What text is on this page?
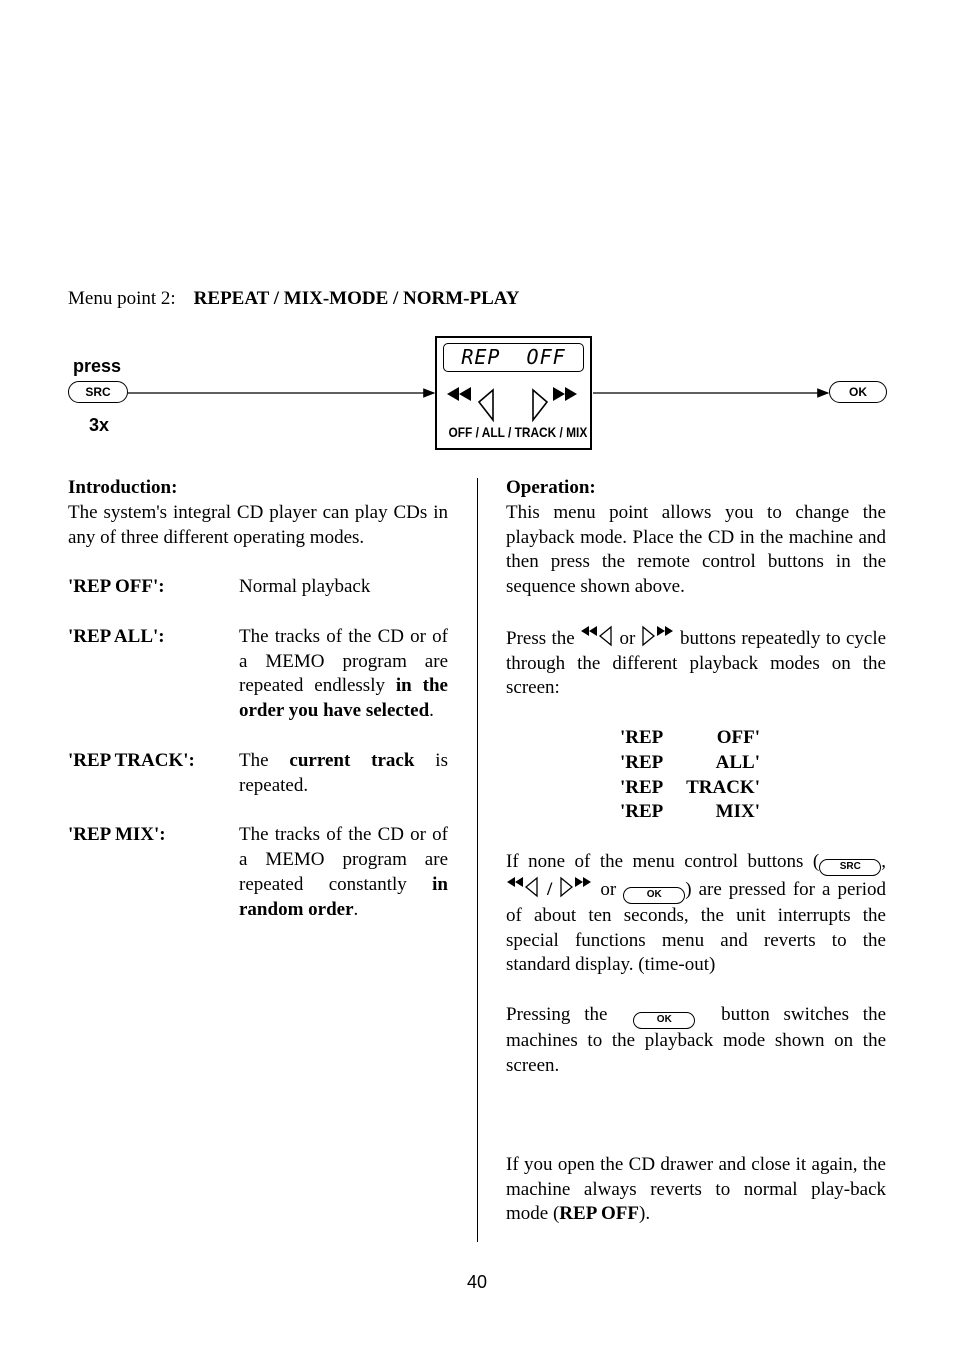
Menu point 2: REPEAT / MIX-MODE / NORM-PLAY
press
SRC
3x
REP  OFF
OFF / ALL / TRACK / MIX
OK
Introduction:
The system's integral CD player can play CDs in any of three different operating modes.
'REP OFF':	Normal playback
'REP ALL':	The tracks of the CD or of a MEMO program are repeated endlessly in the order you have selected.
'REP TRACK':	The current track is repeated.
'REP MIX':	The tracks of the CD or of a MEMO program are repeated constantly in random order.
Operation:
This menu point allows you to change the playback mode. Place the CD in the machine and then press the remote control buttons in the sequence shown above.
Press the or buttons repeatedly to cycle through the different playback modes on the screen:
'REP	OFF'
'REP	ALL'
'REP TRACK'
'REP	MIX'
If none of the menu control buttons ( SRC ,  /	or	OK ) are pressed for a period of about ten seconds, the unit interrupts the special functions menu and reverts to the standard display. (time-out)
Pressing the	OK	button switches the machines to the playback mode shown on the screen.
If you open the CD drawer and close it again, the machine always reverts to normal play-back mode (REP OFF).
40
